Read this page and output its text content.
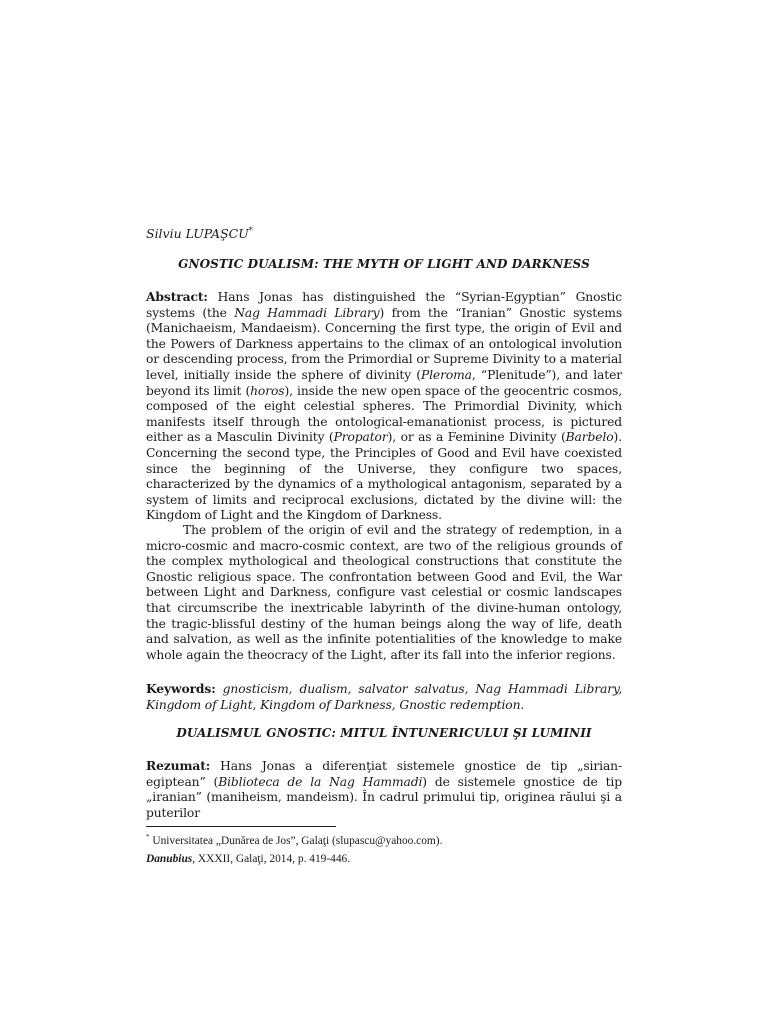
Silviu LUPAŞCU*
GNOSTIC DUALISM: THE MYTH OF LIGHT AND DARKNESS

Abstract: Hans Jonas has distinguished the “Syrian-Egyptian” Gnostic systems (the Nag Hammadi Library) from the “Iranian” Gnostic systems (Manichaeism, Mandaeism). Concerning the first type, the origin of Evil and the Powers of Darkness appertains to the climax of an ontological involution or descending process, from the Primordial or Supreme Divinity to a material level, initially inside the sphere of divinity (Pleroma, “Plenitude”), and later beyond its limit (horos), inside the new open space of the geocentric cosmos, composed of the eight celestial spheres. The Primordial Divinity, which manifests itself through the ontological-emanationist process, is pictured either as a Masculin Divinity (Propator), or as a Feminine Divinity (Barbelo). Concerning the second type, the Principles of Good and Evil have coexisted since the beginning of the Universe, they configure two spaces, characterized by the dynamics of a mythological antagonism, separated by a system of limits and reciprocal exclusions, dictated by the divine will: the Kingdom of Light and the Kingdom of Darkness.

The problem of the origin of evil and the strategy of redemption, in a micro-cosmic and macro-cosmic context, are two of the religious grounds of the complex mythological and theological constructions that constitute the Gnostic religious space. The confrontation between Good and Evil, the War between Light and Darkness, configure vast celestial or cosmic landscapes that circumscribe the inextricable labyrinth of the divine-human ontology, the tragic-blissful destiny of the human beings along the way of life, death and salvation, as well as the infinite potentialities of the knowledge to make whole again the theocracy of the Light, after its fall into the inferior regions.

Keywords: gnosticism, dualism, salvator salvatus, Nag Hammadi Library, Kingdom of Light, Kingdom of Darkness, Gnostic redemption.

DUALISMUL GNOSTIC: MITUL ÎNTUNERICULUI ŞI LUMINII

Rezumat: Hans Jonas a diferenţiat sistemele gnostice de tip „sirian-egiptean” (Biblioteca de la Nag Hammadi) de sistemele gnostice de tip „iranian” (maniheism, mandeism). În cadrul primului tip, originea răului şi a puterilor

* Universitatea „Dunărea de Jos”, Galaţi (slupascu@yahoo.com).
Danubius, XXXII, Galaţi, 2014, p. 419-446.
